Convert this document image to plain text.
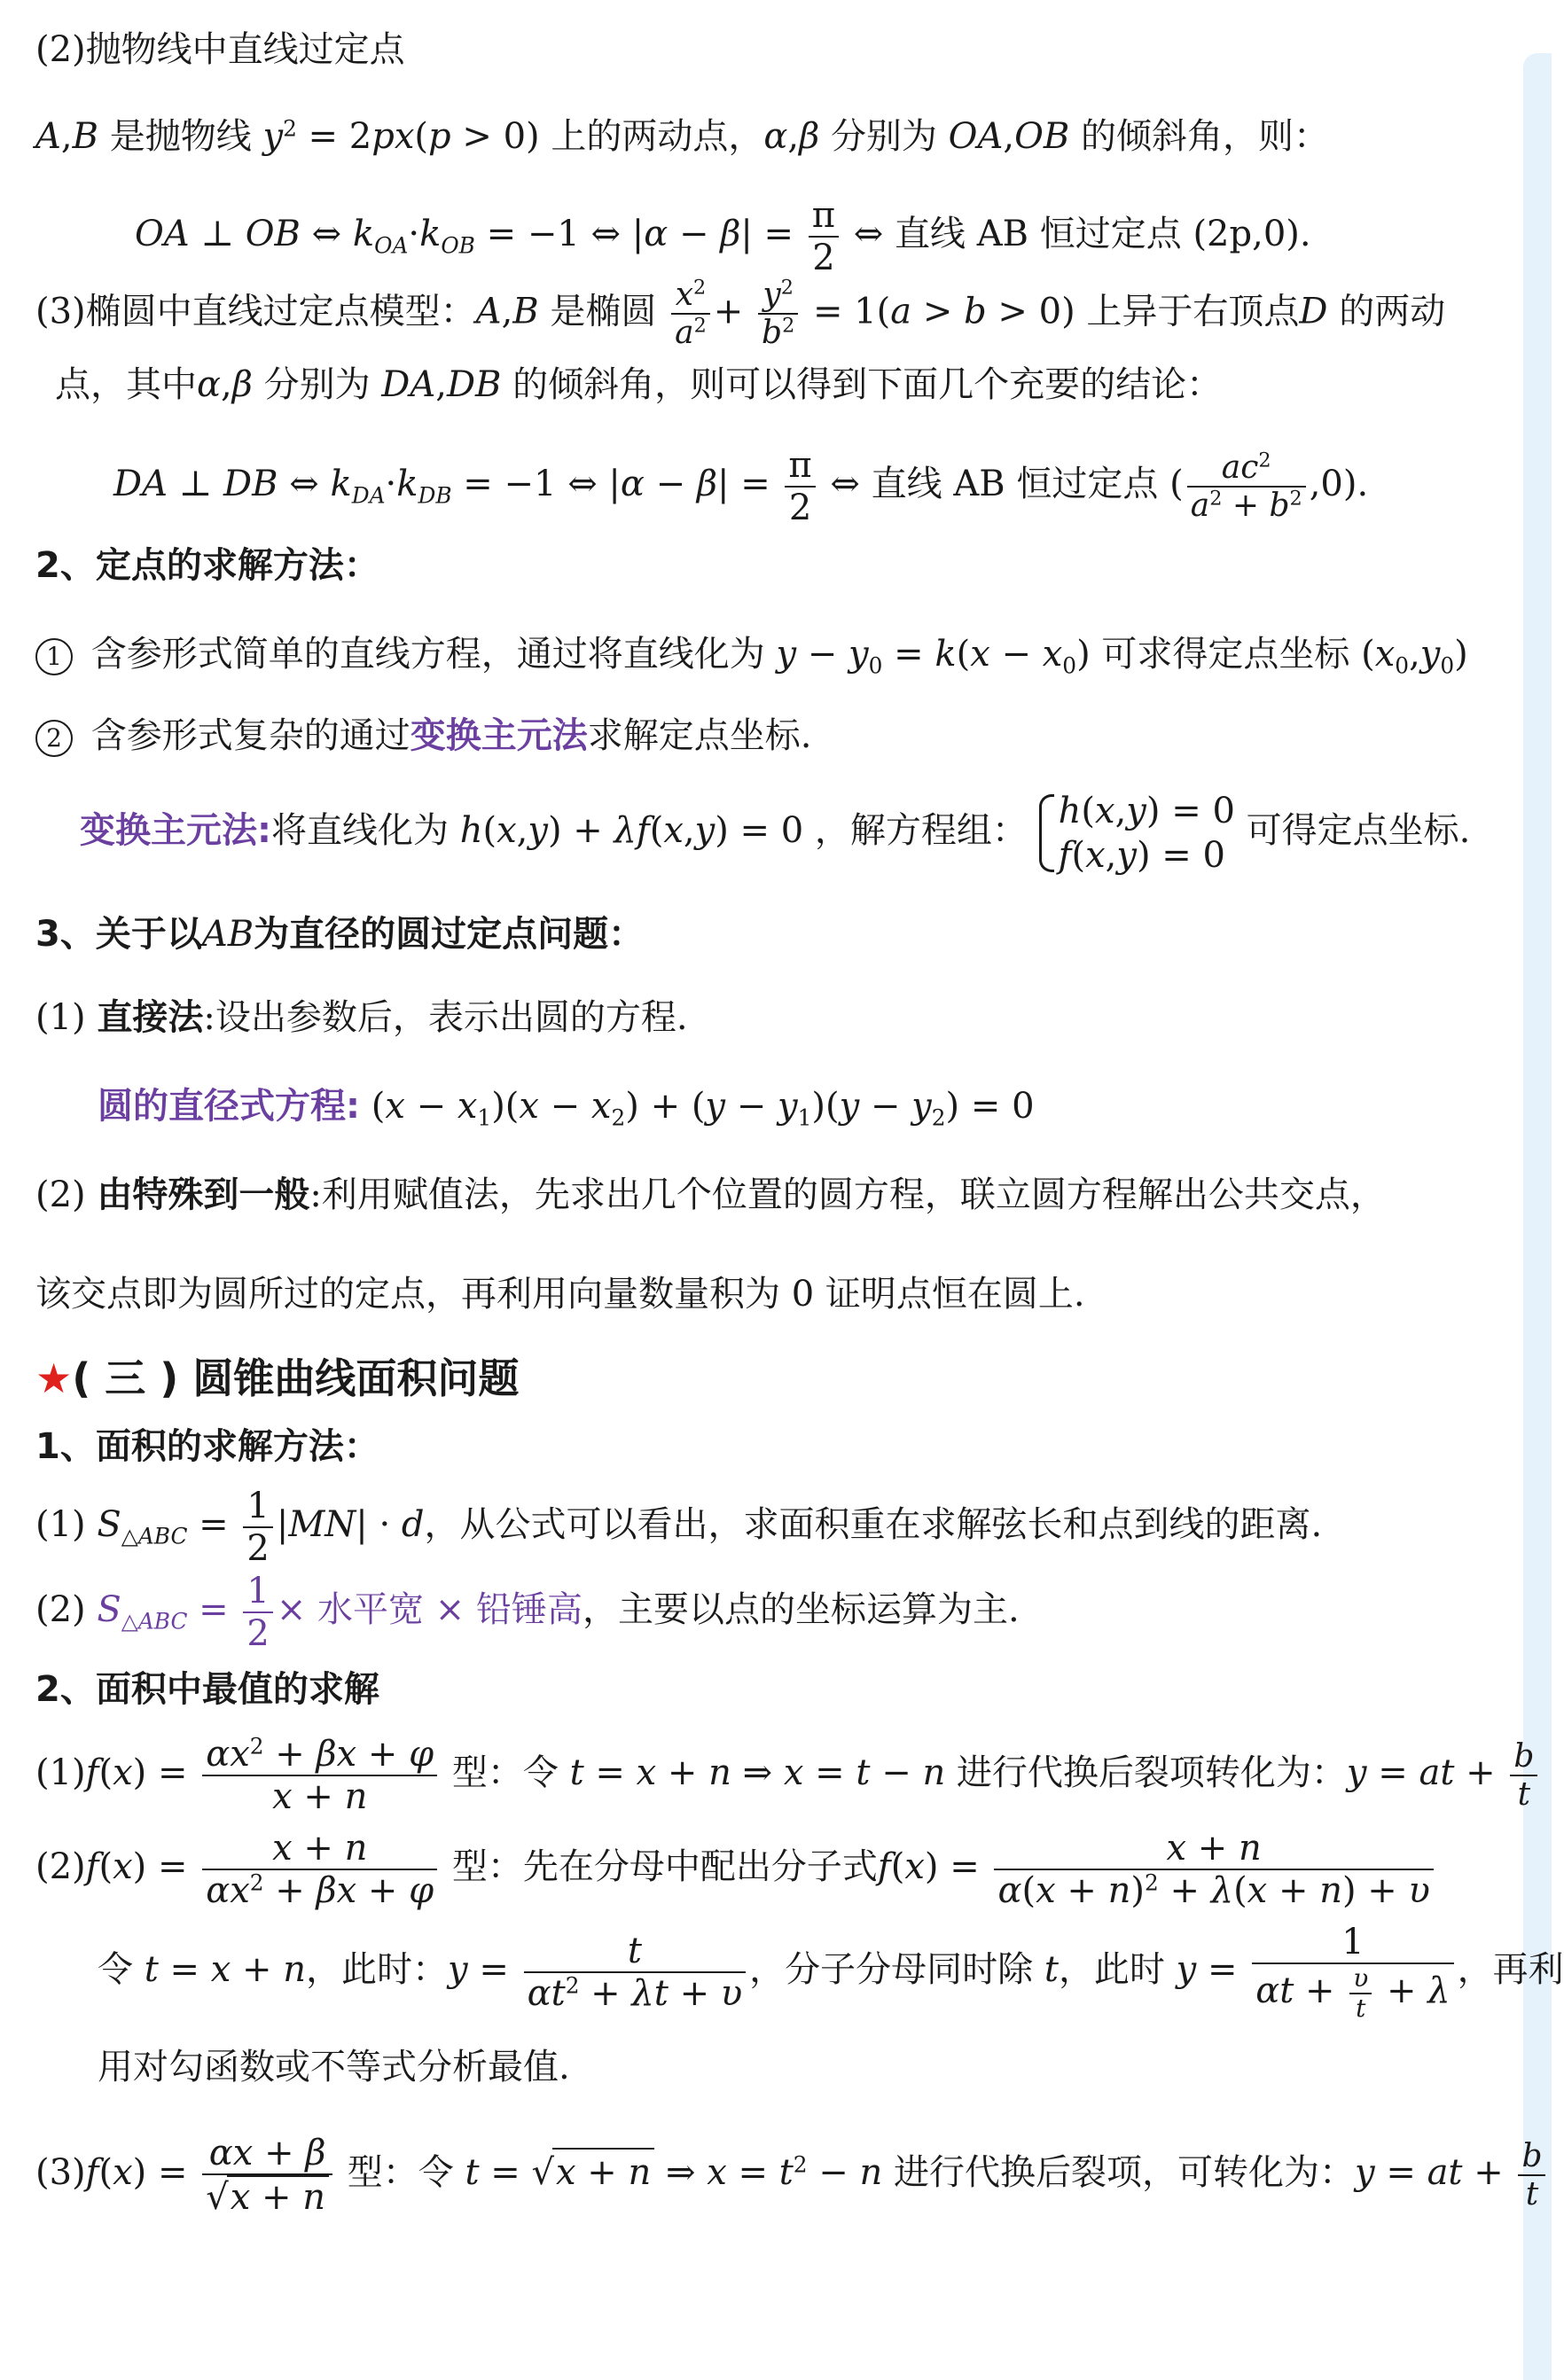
(2)抛物线中直线过定点
A,B 是抛物线 $y^2 = 2px(p > 0)$ 上的两动点，α,β 分别为 OA,OB 的倾斜角，则：
OA ⊥ OB ⇔ $k_{OA}\cdot k_{OB} = -1$ ⇔ $|\alpha - \beta| = \frac{\pi}{2}$ ⇔ 直线 AB 恒过定点 (2p,0).
(3)椭圆中直线过定点模型：A,B 是椭圆 $\frac{x^2}{a^2} + \frac{y^2}{b^2} = 1(a > b > 0)$ 上异于右顶点D 的两动
点，其中α,β 分别为 DA,DB 的倾斜角，则可以得到下面几个充要的结论：
DA ⊥ DB ⇔ $k_{DA}\cdot k_{DB} = -1$ ⇔ $|\alpha - \beta| = \frac{\pi}{2}$ ⇔ 直线 AB 恒过定点 ( $\frac{ac^2}{a^2 + b^2} ,0$).
2、定点的求解方法：
1 含参形式简单的直线方程，通过将直线化为 $y - y_0 = k(x - x_0)$ 可求得定点坐标 $(x_0,y_0)$
2 含参形式复杂的通过变换主元法求解定点坐标.
变换主元法:将直线化为 h(x,y) + λf(x,y) = 0 ，解方程组： h(x,y) = 0
f(x,y) = 0
可得定点坐标.
3、关于以AB为直径的圆过定点问题：
(1) 直接法:设出参数后，表示出圆的方程.
圆的直径式方程: $(x - x_1)(x - x_2) + (y - y_1)(y - y_2) = 0$
(2) 由特殊到一般:利用赋值法，先求出几个位置的圆方程，联立圆方程解出公共交点，
该交点即为圆所过的定点，再利用向量数量积为 0 证明点恒在圆上.
★( 三 ) 圆锥曲线面积问题
1、面积的求解方法：
(1) $S_{\triangle ABC} = \frac{1}{2} |MN| \cdot d$，从公式可以看出，求面积重在求解弦长和点到线的距离.
(2) $S_{\triangle ABC} = \frac{1}{2}$ × 水平宽 × 铅锤高，主要以点的坐标运算为主.
2、面积中最值的求解
$(1)f(x) = \frac{\alpha x^2 + \beta x + \varphi}{x + n}$ 型：令 t = x + n ⇒ x = t − n 进行代换后裂项转化为：y = at + $\frac{b}{t}$
$(2)f(x) = \frac{x + n}{\alpha x^2 + \beta x + \varphi}$ 型：先在分母中配出分子式$f(x) = \frac{x + n}{\alpha(x + n)^2 + \lambda(x + n) + \upsilon}$
令 t = x + n，此时：$y = \frac{t}{\alpha t^2 + \lambda t + \upsilon}$ ，分子分母同时除 t，此时 $y = \frac{1}{\alpha t + \frac{\upsilon}{t} + \lambda}$ ，再利
用对勾函数或不等式分析最值.
$(3)f(x) = \frac{\alpha x + \beta}{√x + n}$ 型：令 t = √x + n ⇒ $x = t^2 - n$ 进行代换后裂项，可转化为：y = at + $\frac{b}{t}$
